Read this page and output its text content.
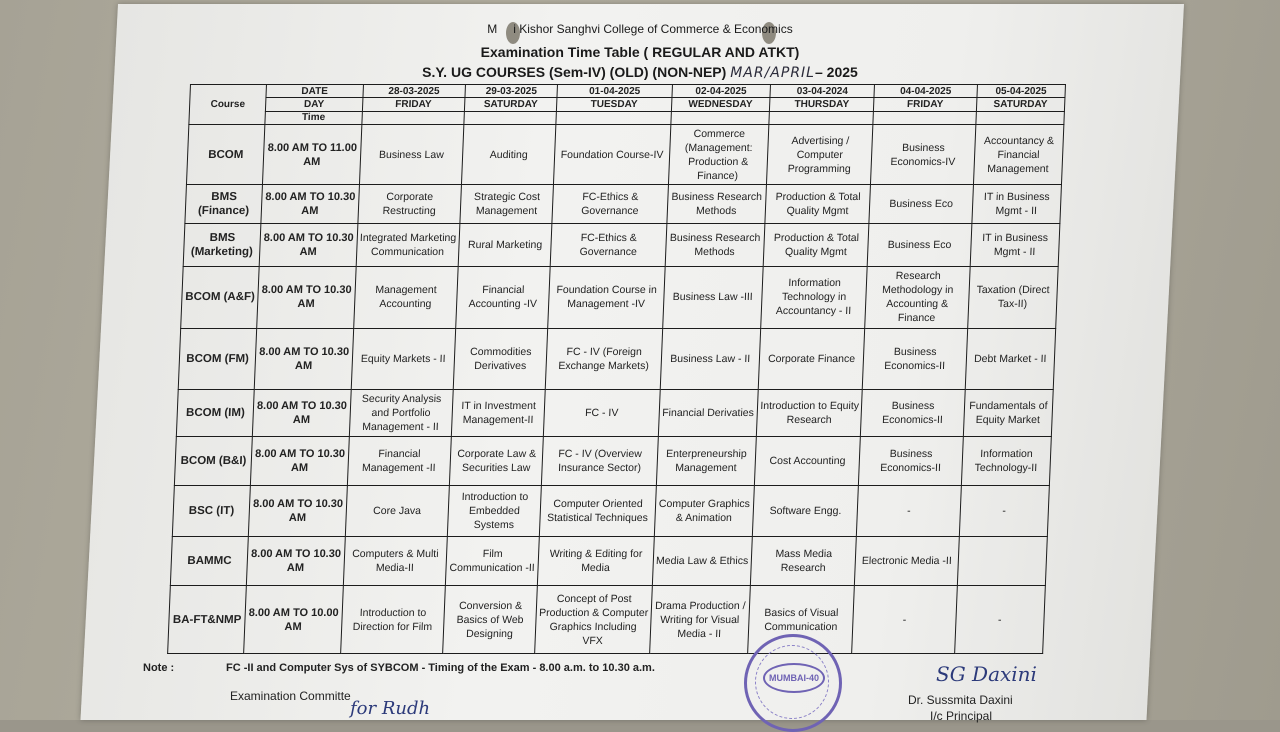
M i Kishor Sanghvi College of Commerce & Economics
Examination Time Table ( REGULAR AND ATKT)
S.Y. UG COURSES (Sem-IV) (OLD) (NON-NEP) MAR/APRIL– 2025
Course	DATE	28-03-2025	29-03-2025	01-04-2025	02-04-2025	03-04-2024	04-04-2025	05-04-2025
	DAY	FRIDAY	SATURDAY	TUESDAY	WEDNESDAY	THURSDAY	FRIDAY	SATURDAY
	Time							
BCOM	8.00 AM TO 11.00 AM	Business Law	Auditing	Foundation Course-IV	Commerce (Management: Production & Finance)	Advertising / Computer Programming	Business Economics-IV	Accountancy & Financial Management
BMS (Finance)	8.00 AM TO 10.30 AM	Corporate Restructing	Strategic Cost Management	FC-Ethics & Governance	Business Research Methods	Production & Total Quality Mgmt	Business Eco	IT in Business Mgmt - II
BMS (Marketing)	8.00 AM TO 10.30 AM	Integrated Marketing Communication	Rural Marketing	FC-Ethics & Governance	Business Research Methods	Production & Total Quality Mgmt	Business Eco	IT in Business Mgmt - II
BCOM (A&F)	8.00 AM TO 10.30 AM	Management Accounting	Financial Accounting -IV	Foundation Course in Management -IV	Business Law -III	Information Technology in Accountancy - II	Research Methodology in Accounting & Finance	Taxation (Direct Tax-II)
BCOM (FM)	8.00 AM TO 10.30 AM	Equity Markets - II	Commodities Derivatives	FC - IV (Foreign Exchange Markets)	Business Law - II	Corporate Finance	Business Economics-II	Debt Market - II
BCOM (IM)	8.00 AM TO 10.30 AM	Security Analysis and Portfolio Management - II	IT in Investment Management-II	FC - IV	Financial Derivaties	Introduction to Equity Research	Business Economics-II	Fundamentals of Equity Market
BCOM (B&I)	8.00 AM TO 10.30 AM	Financial Management -II	Corporate Law & Securities Law	FC - IV (Overview Insurance Sector)	Enterpreneurship Management	Cost Accounting	Business Economics-II	Information Technology-II
BSC (IT)	8.00 AM TO 10.30 AM	Core Java	Introduction to Embedded Systems	Computer Oriented Statistical Techniques	Computer Graphics & Animation	Software Engg.	-	-
BAMMC	8.00 AM TO 10.30 AM	Computers & Multi Media-II	Film Communication -II	Writing & Editing for Media	Media Law & Ethics	Mass Media Research	Electronic Media -II	
BA-FT&NMP	8.00 AM TO 10.00 AM	Introduction to Direction for Film	Conversion & Basics of Web Designing	Concept of Post Production & Computer Graphics Including VFX	Drama Production / Writing for Visual Media - II	Basics of Visual Communication	-	-
Note :	FC -II and Computer Sys of SYBCOM - Timing of the Exam - 8.00 a.m. to 10.30 a.m.
Examination Committe
for Rudh
MUMBAI-40	SG Daxini
Dr. Sussmita Daxini
I/c Principal
